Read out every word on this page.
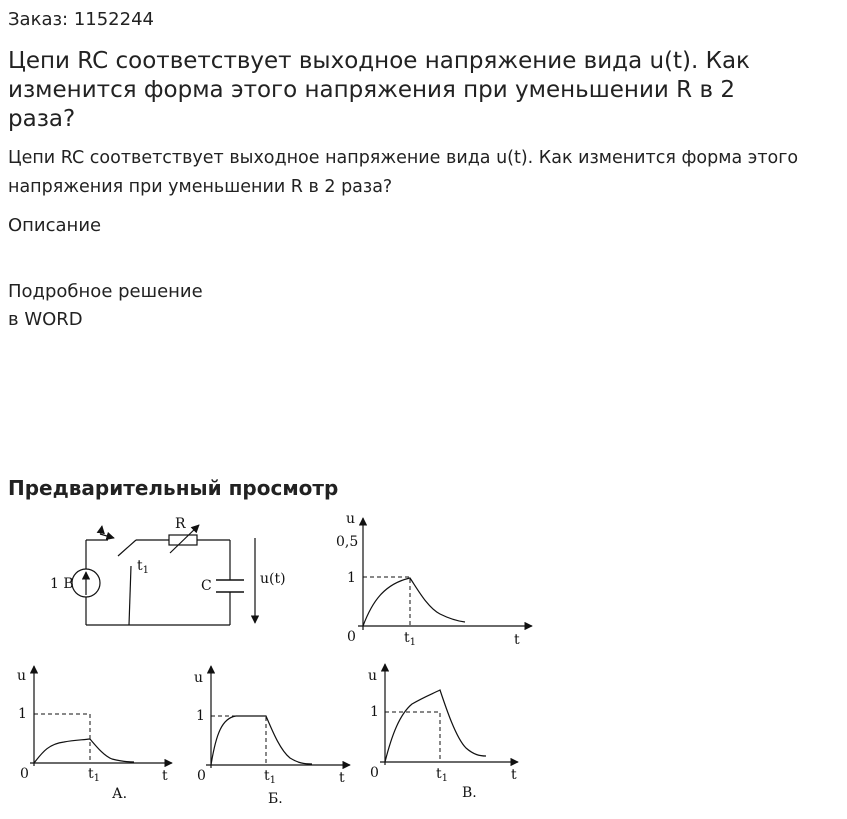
Заказ: 1152244
Цепи RC соответствует выходное напряжение вида u(t). Как изменится форма этого напряжения при уменьшении R в 2 раза?
Цепи RC соответствует выходное напряжение вида u(t). Как изменится форма этого напряжения при уменьшении R в 2 раза?
Описание
Подробное решение
в WORD
Предварительный просмотр
1 В
R
$t_1$
C	u(t)
u
0,5
1
0	$t_1$	t
u
1
0	$t_1$	t
А.
u
1
0	$t_1$	t
Б.
u
1
0	$t_1$	t
В.
